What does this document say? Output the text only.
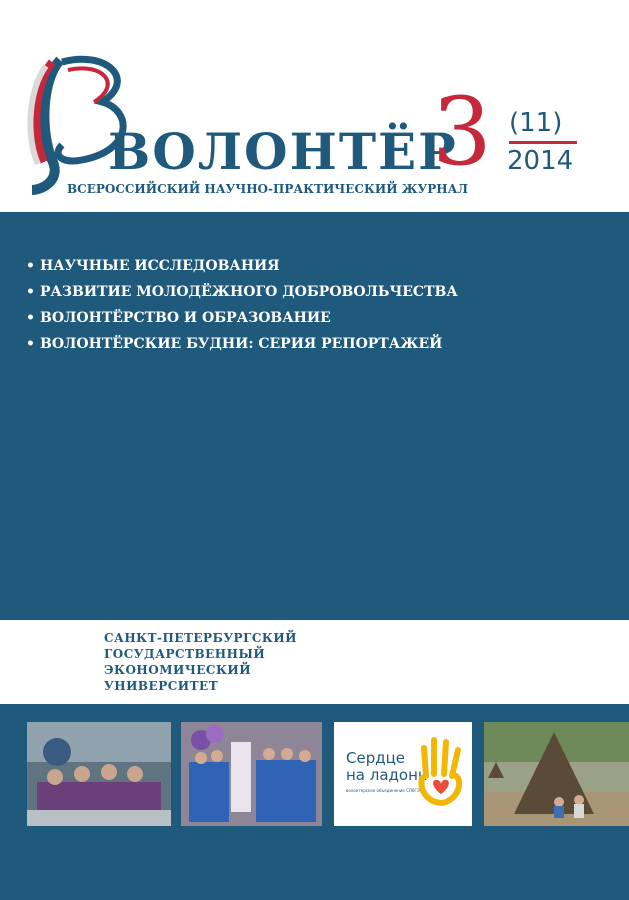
ВОЛОНТЁР
ВСЕРОССИЙСКИЙ НАУЧНО-ПРАКТИЧЕСКИЙ ЖУРНАЛ
3 (11)
2014
• НАУЧНЫЕ ИССЛЕДОВАНИЯ
• РАЗВИТИЕ МОЛОДЁЖНОГО ДОБРОВОЛЬЧЕСТВА
• ВОЛОНТЁРСТВО И ОБРАЗОВАНИЕ
• ВОЛОНТЁРСКИЕ БУДНИ: СЕРИЯ РЕПОРТАЖЕЙ
САНКТ-ПЕТЕРБУРГСКИЙ
ГОСУДАРСТВЕННЫЙ
ЭКОНОМИЧЕСКИЙ
УНИВЕРСИТЕТ
Сердце
на ладони
волонтерское объединение СПбГЭУ
